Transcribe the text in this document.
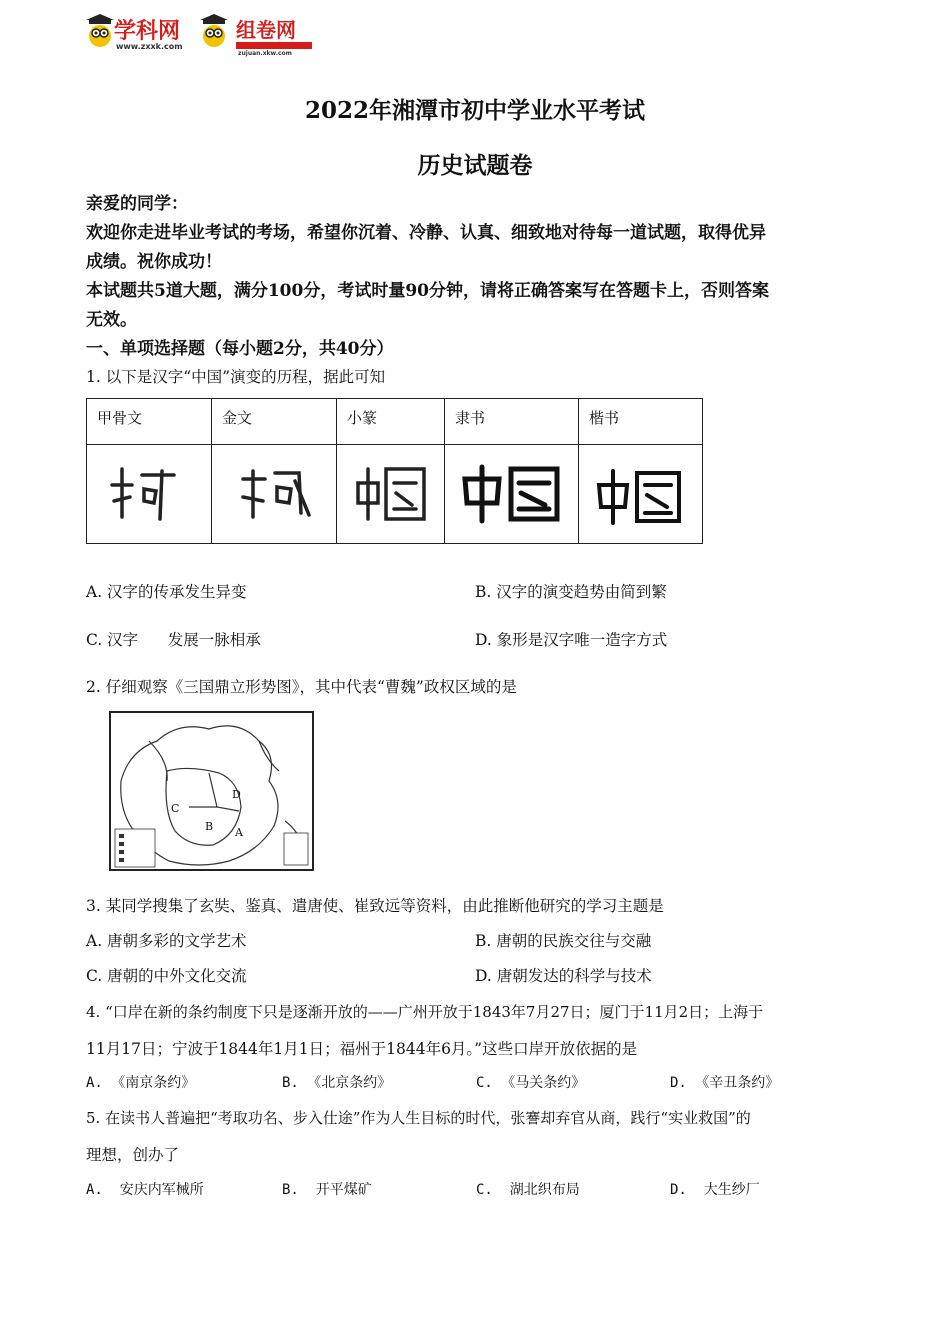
学科网
www.zxxk.com
组卷网
zujuan.xkw.com
2022年湘潭市初中学业水平考试
历史试题卷
亲爱的同学：
欢迎你走进毕业考试的考场，希望你沉着、冷静、认真、细致地对待每一道试题，取得优异
成绩。祝你成功！
本试题共5道大题，满分100分，考试时量90分钟，请将正确答案写在答题卡上，否则答案
无效。
一、单项选择题（每小题2分，共40分）
1. 以下是汉字“中国”演变的历程，据此可知
甲骨文	金文	小篆	隶书	楷书

A. 汉字的传承发生异变	B. 汉字的演变趋势由简到繁
C. 汉字      发展一脉相承	D. 象形是汉字唯一造字方式
2. 仔细观察《三国鼎立形势图》，其中代表“曹魏”政权区域的是
C
D
B A
3. 某同学搜集了玄奘、鉴真、遣唐使、崔致远等资料，由此推断他研究的学习主题是
A. 唐朝多彩的文学艺术	B. 唐朝的民族交往与交融
C. 唐朝的中外文化交流	D. 唐朝发达的科学与技术
4. “口岸在新的条约制度下只是逐渐开放的——广州开放于1843年7月27日；厦门于11月2日；上海于
11月17日；宁波于1844年1月1日；福州于1844年6月。”这些口岸开放依据的是
A. 《南京条约》	B. 《北京条约》	C. 《马关条约》	D. 《辛丑条约》
5. 在读书人普遍把“考取功名、步入仕途”作为人生目标的时代，张謇却弃官从商，践行“实业救国”的
理想，创办了
A.  安庆内军械所	B.  开平煤矿	C.  湖北织布局	D.  大生纱厂
